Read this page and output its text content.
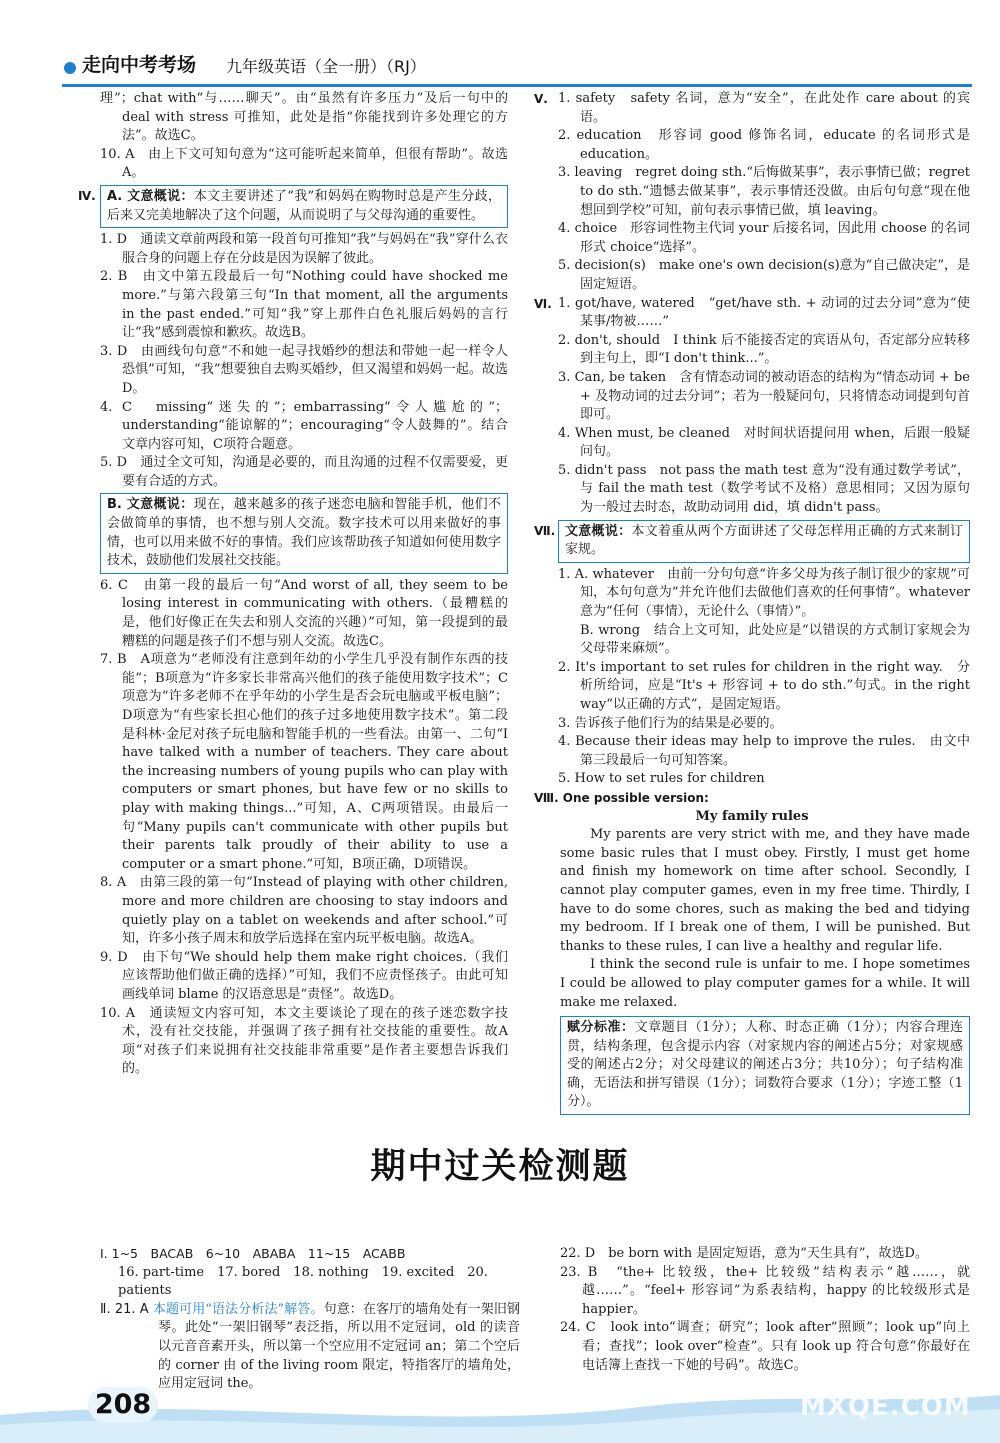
走向中考考场 九年级英语（全一册）（RJ）

理”；chat with“与……聊天”。由“虽然有许多压力”及后一句中的 deal with stress 可推知，此处是指“你能找到许多处理它的方法”。故选C。

10. A　由上下文可知句意为“这可能听起来简单，但很有帮助”。故选A。

Ⅳ. A. 文意概说：本文主要讲述了“我”和妈妈在购物时总是产生分歧，后来又完美地解决了这个问题，从而说明了与父母沟通的重要性。

1. D　通读文章前两段和第一段首句可推知“我”与妈妈在“我”穿什么衣服合身的问题上存在分歧是因为误解了彼此。

2. B　由文中第五段最后一句“Nothing could have shocked me more.”与第六段第三句“In that moment, all the arguments in the past ended.”可知“我”穿上那件白色礼服后妈妈的言行让“我”感到震惊和歉疚。故选B。

3. D　由画线句句意“不和她一起寻找婚纱的想法和带她一起一样令人恐惧”可知，“我”想要独自去购买婚纱，但又渴望和妈妈一起。故选D。

4. C　missing“迷失的”；embarrassing“令人尴尬的”；understanding“能谅解的”；encouraging“令人鼓舞的”。结合文章内容可知，C项符合题意。

5. D　通过全文可知，沟通是必要的，而且沟通的过程不仅需要爱，更要有合适的方式。

B. 文意概说：现在，越来越多的孩子迷恋电脑和智能手机，他们不会做简单的事情，也不想与别人交流。数字技术可以用来做好的事情，也可以用来做不好的事情。我们应该帮助孩子知道如何使用数字技术，鼓励他们发展社交技能。

6. C　由第一段的最后一句“And worst of all, they seem to be losing interest in communicating with others.（最糟糕的是，他们好像正在失去和别人交流的兴趣）”可知，第一段提到的最糟糕的问题是孩子们不想与别人交流。故选C。

7. B　A项意为“老师没有注意到年幼的小学生几乎没有制作东西的技能”；B项意为“许多家长非常高兴他们的孩子能使用数字技术”；C项意为“许多老师不在乎年幼的小学生是否会玩电脑或平板电脑”；D项意为“有些家长担心他们的孩子过多地使用数字技术”。第二段是科林·金尼对孩子玩电脑和智能手机的一些看法。由第一、二句“I have talked with a number of teachers. They care about the increasing numbers of young pupils who can play with computers or smart phones, but have few or no skills to play with making things...”可知，A、C两项错误。由最后一句“Many pupils can't communicate with other pupils but their parents talk proudly of their ability to use a computer or a smart phone.”可知，B项正确，D项错误。

8. A　由第三段的第一句“Instead of playing with other children, more and more children are choosing to stay indoors and quietly play on a tablet on weekends and after school.”可知，许多小孩子周末和放学后选择在室内玩平板电脑。故选A。

9. D　由下句“We should help them make right choices.（我们应该帮助他们做正确的选择）”可知，我们不应责怪孩子。由此可知画线单词 blame 的汉语意思是“责怪”。故选D。

10. A　通读短文内容可知，本文主要谈论了现在的孩子迷恋数字技术，没有社交技能，并强调了孩子拥有社交技能的重要性。故A项“对孩子们来说拥有社交技能非常重要”是作者主要想告诉我们的。

Ⅴ. 1. safety　safety 名词，意为“安全”，在此处作 care about 的宾语。

2. education　形容词 good 修饰名词，educate 的名词形式是 education。

3. leaving　regret doing sth.“后悔做某事”，表示事情已做；regret to do sth.“遗憾去做某事”，表示事情还没做。由后句句意“现在他想回到学校”可知，前句表示事情已做，填 leaving。

4. choice　形容词性物主代词 your 后接名词，因此用 choose 的名词形式 choice“选择”。

5. decision(s)　make one's own decision(s)意为“自己做决定”，是固定短语。

Ⅵ. 1. got/have, watered　“get/have sth. + 动词的过去分词”意为“使某事/物被……”

2. don't, should　I think 后不能接否定的宾语从句，否定部分应转移到主句上，即“I don't think...”。

3. Can, be taken　含有情态动词的被动语态的结构为“情态动词 + be + 及物动词的过去分词”；若为一般疑问句，只将情态动词提到句首即可。

4. When must, be cleaned　对时间状语提问用 when，后跟一般疑问句。

5. didn't pass　not pass the math test 意为“没有通过数学考试”，与 fail the math test（数学考试不及格）意思相同；又因为原句为一般过去时态，故助动词用 did，填 didn't pass。

Ⅶ. 文意概说：本文着重从两个方面讲述了父母怎样用正确的方式来制订家规。

1. A. whatever　由前一分句句意“许多父母为孩子制订很少的家规”可知，本句句意为“并允许他们去做他们喜欢的任何事情”。whatever 意为“任何（事情），无论什么（事情）”。

B. wrong　结合上文可知，此处应是“以错误的方式制订家规会为父母带来麻烦”。

2. It's important to set rules for children in the right way.　分析所给词，应是“It's + 形容词 + to do sth.”句式。in the right way“以正确的方式”，是固定短语。

3. 告诉孩子他们行为的结果是必要的。

4. Because their ideas may help to improve the rules.　由文中第三段最后一句可知答案。

5. How to set rules for children

Ⅷ. One possible version:

My family rules

My parents are very strict with me, and they have made some basic rules that I must obey. Firstly, I must get home and finish my homework on time after school. Secondly, I cannot play computer games, even in my free time. Thirdly, I have to do some chores, such as making the bed and tidying my bedroom. If I break one of them, I will be punished. But thanks to these rules, I can live a healthy and regular life.

I think the second rule is unfair to me. I hope sometimes I could be allowed to play computer games for a while. It will make me relaxed.

赋分标准：文章题目（1分）；人称、时态正确（1分）；内容合理连贯，结构条理，包含提示内容（对家规内容的阐述占5分；对家规感受的阐述占2分；对父母建议的阐述占3分；共10分）；句子结构准确，无语法和拼写错误（1分）；词数符合要求（1分）；字迹工整（1分）。
期中过关检测题

Ⅰ. 1~5　BACAB　6~10　ABABA　11~15　ACABB

16. part-time　17. bored　18. nothing　19. excited　20. patients

Ⅱ. 21. A 本题可用“语法分析法”解答。句意：在客厅的墙角处有一架旧钢琴。此处“一架旧钢琴”表泛指，所以用不定冠词，old 的读音以元音音素开头，所以第一个空应用不定冠词 an；第二个空后的 corner 由 of the living room 限定，特指客厅的墙角处，应用定冠词 the。

22. D　be born with 是固定短语，意为“天生具有”，故选D。

23. B　“the+ 比较级，the+ 比较级”结构表示“越……，就越……”。“feel+ 形容词”为系表结构，happy 的比较级形式是 happier。

24. C　look into“调查；研究”；look after“照顾”；look up“向上看；查找”；look over“检查”。只有 look up 符合句意“你最好在电话簿上查找一下她的号码”。故选C。

208	MXQE.COM
